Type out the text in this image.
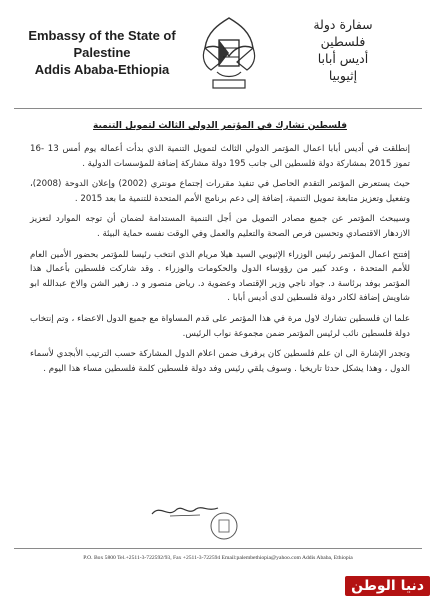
Embassy of the State of
Palestine
Addis Ababa-Ethiopia
سفارة دولة
فلسطين
أديس أبابا
إثيوبيا
فلسطين تشارك في المؤتمر الدولي الثالث لتمويل التنمية

إنطلقت في أديس أبابا اعمال المؤتمر الدولي الثالث لتمويل التنمية الذي بدأت أعماله يوم أمس 13 -16 تموز 2015 بمشاركة دولة فلسطين الى جانب 195 دولة مشاركة إضافة للمؤسسات الدولية .

حيث يستعرض المؤتمر التقدم الحاصل في تنفيذ مقررات إجتماع مونتري (2002) وإعلان الدوحة (2008)، وتفعيل وتعزيز متابعة تمويل التنمية، إضافة إلى دعم برنامج الأمم المتحدة للتنمية ما بعد 2015 .

وسيبحث المؤتمر عن جميع مصادر التمويل من أجل التنمية المستدامة لضمان أن توجه الموارد لتعزيز الازدهار الاقتصادي وتحسين فرص الصحة والتعليم والعمل وفي الوقت نفسه حماية البيئة .

إفتتح اعمال المؤتمر رئيس الوزراء الإثيوبي السيد هيلا مريام الذي انتخب رئيسا للمؤتمر بحضور الأمين العام للأمم المتحدة ، وعدد كبير من رؤوساء الدول والحكومات والوزراء . وقد شاركت فلسطين بأعمال هذا المؤتمر بوفد برئاسة د. جواد ناجي وزير الإقتصاد وعضوية د. رياض منصور و د. زهير الشن والاخ عبدالله ابو شاويش إضافة لكادر دولة فلسطين لدى أديس أبابا .

علما ان فلسطين تشارك لاول مرة في هذا المؤتمر على قدم المساواة مع جميع الدول الاعضاء ، وتم إنتخاب دولة فلسطين نائب لرئيس المؤتمر ضمن مجموعة نواب الرئيس.

وتجدر الإشارة الى ان علم فلسطين كان يرفرف ضمن اعلام الدول المشاركة حسب الترتيب الأبجدي لأسماء الدول ، وهذا يشكل حدثا تاريخيا . وسوف يلقي رئيس وفد دولة فلسطين كلمة فلسطين مساء هذا اليوم .

P.O. Box 5800 Tel.+2511-3-722592/93, Fax +2511-3-722594 Email:palembethiopia@yahoo.com Addis Ababa, Ethiopia
دنيا الوطن
